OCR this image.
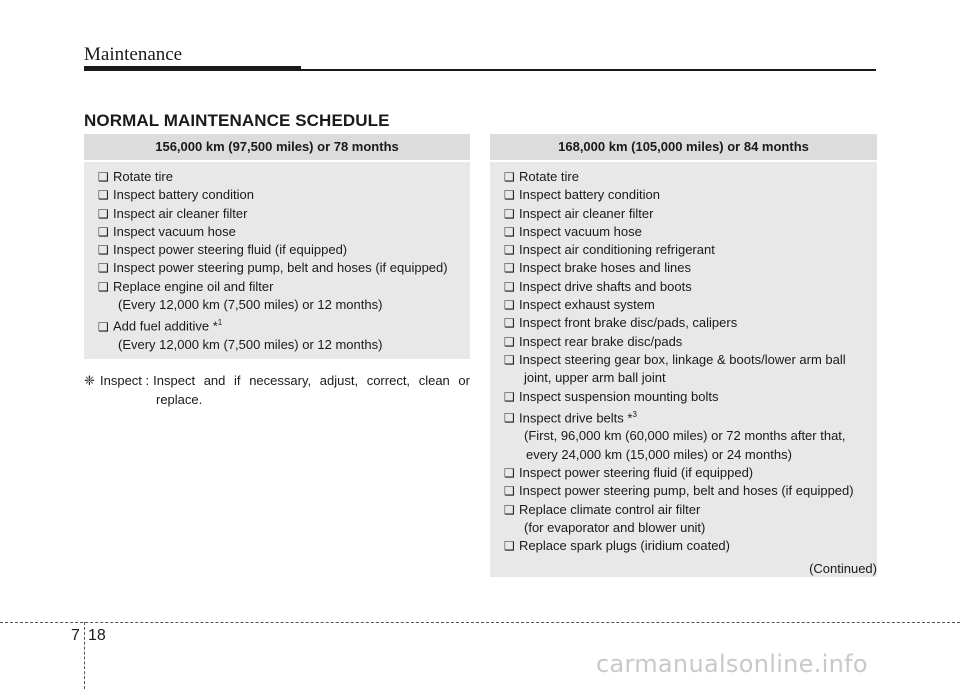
Maintenance
NORMAL MAINTENANCE SCHEDULE
156,000 km (97,500 miles) or 78 months
❑ Rotate tire
❑ Inspect battery condition
❑ Inspect air cleaner filter
❑ Inspect vacuum hose
❑ Inspect power steering fluid (if equipped)
❑ Inspect power steering pump, belt and hoses (if equipped)
❑ Replace engine oil and filter
(Every 12,000 km (7,500 miles) or 12 months)
❑ Add fuel additive *$^1$
(Every 12,000 km (7,500 miles) or 12 months)
❈ Inspect : Inspect and if necessary, adjust, correct, clean or
replace.
168,000 km (105,000 miles) or 84 months
❑ Rotate tire
❑ Inspect battery condition
❑ Inspect air cleaner filter
❑ Inspect vacuum hose
❑ Inspect air conditioning refrigerant
❑ Inspect brake hoses and lines
❑ Inspect drive shafts and boots
❑ Inspect exhaust system
❑ Inspect front brake disc/pads, calipers
❑ Inspect rear brake disc/pads
❑ Inspect steering gear box, linkage & boots/lower arm ball
joint, upper arm ball joint
❑ Inspect suspension mounting bolts
❑ Inspect drive belts *$^3$
(First, 96,000 km (60,000 miles) or 72 months after that,
every 24,000 km (15,000 miles) or 24 months)
❑ Inspect power steering fluid (if equipped)
❑ Inspect power steering pump, belt and hoses (if equipped)
❑ Replace climate control air filter
(for evaporator and blower unit)
❑ Replace spark plugs (iridium coated)
(Continued)
7 18
carmanualsonline.info
